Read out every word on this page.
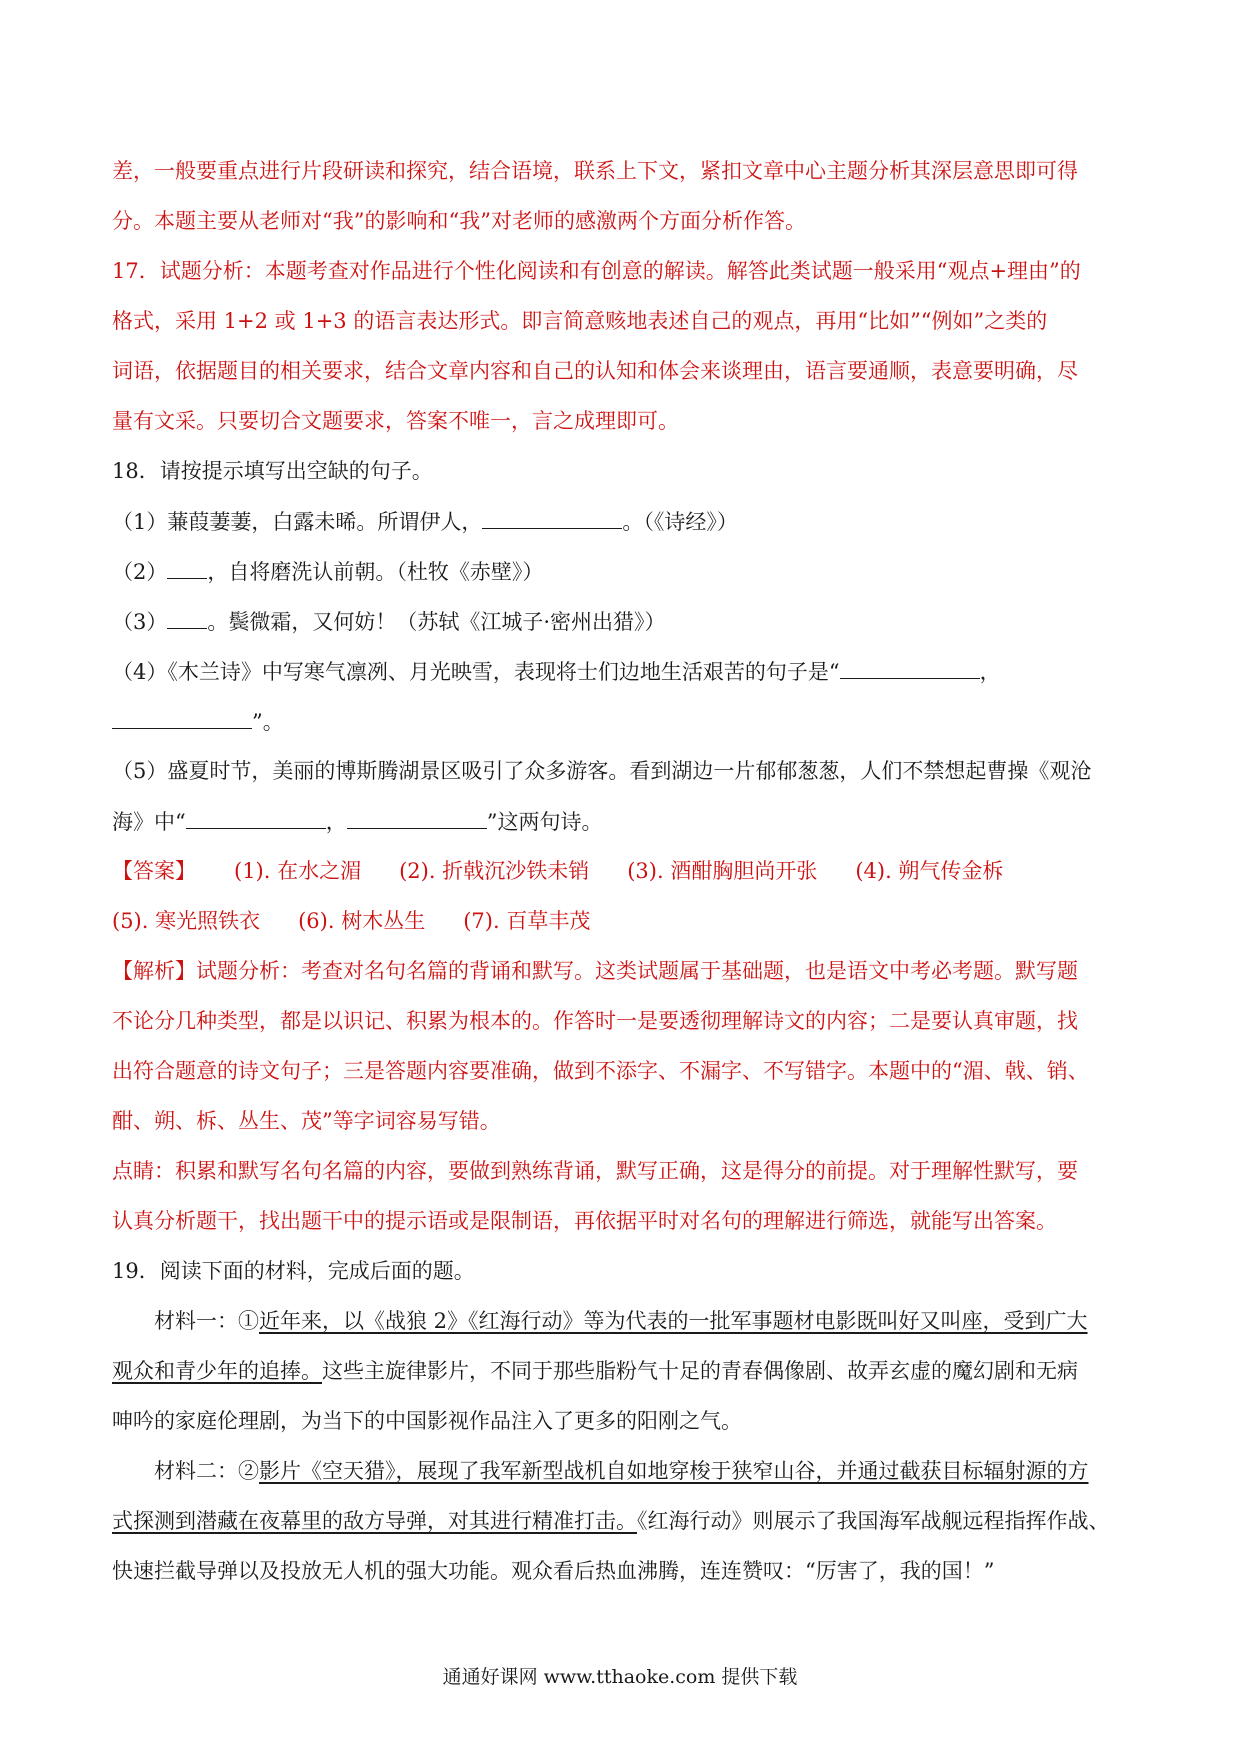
差，一般要重点进行片段研读和探究，结合语境，联系上下文，紧扣文章中心主题分析其深层意思即可得
分。本题主要从老师对“我”的影响和“我”对老师的感激两个方面分析作答。
17．试题分析：本题考查对作品进行个性化阅读和有创意的解读。解答此类试题一般采用“观点+理由”的
格式，采用 1+2 或 1+3 的语言表达形式。即言简意赅地表述自己的观点，再用“比如”“例如”之类的
词语，依据题目的相关要求，结合文章内容和自己的认知和体会来谈理由，语言要通顺，表意要明确，尽
量有文采。只要切合文题要求，答案不唯一，言之成理即可。
18．请按提示填写出空缺的句子。
（1）蒹葭萋萋，白露未晞。所谓伊人，	。（《诗经》）
（2） ，自将磨洗认前朝。（杜牧《赤壁》）
（3） 。鬓微霜，又何妨！（苏轼《江城子·密州出猎》）
（4）《木兰诗》中写寒气凛冽、月光映雪，表现将士们边地生活艰苦的句子是“	，
”。
（5）盛夏时节，美丽的博斯腾湖景区吸引了众多游客。看到湖边一片郁郁葱葱，人们不禁想起曹操《观沧
海》中“	，	”这两句诗。
【答案】 (1). 在水之湄 (2). 折戟沉沙铁未销 (3). 酒酣胸胆尚开张 (4). 朔气传金柝
(5). 寒光照铁衣 (6). 树木丛生 (7). 百草丰茂
【解析】试题分析：考查对名句名篇的背诵和默写。这类试题属于基础题，也是语文中考必考题。默写题
不论分几种类型，都是以识记、积累为根本的。作答时一是要透彻理解诗文的内容；二是要认真审题，找
出符合题意的诗文句子；三是答题内容要准确，做到不添字、不漏字、不写错字。本题中的“湄、戟、销、
酣、朔、柝、丛生、茂”等字词容易写错。
点睛：积累和默写名句名篇的内容，要做到熟练背诵，默写正确，这是得分的前提。对于理解性默写，要
认真分析题干，找出题干中的提示语或是限制语，再依据平时对名句的理解进行筛选，就能写出答案。
19．阅读下面的材料，完成后面的题。
材料一：①近年来，以《战狼 2》《红海行动》等为代表的一批军事题材电影既叫好又叫座，受到广大
观众和青少年的追捧。这些主旋律影片，不同于那些脂粉气十足的青春偶像剧、故弄玄虚的魔幻剧和无病
呻吟的家庭伦理剧，为当下的中国影视作品注入了更多的阳刚之气。
材料二：②影片《空天猎》，展现了我军新型战机自如地穿梭于狭窄山谷，并通过截获目标辐射源的方
式探测到潜藏在夜幕里的敌方导弹，对其进行精准打击。《红海行动》则展示了我国海军战舰远程指挥作战、
快速拦截导弹以及投放无人机的强大功能。观众看后热血沸腾，连连赞叹：“厉害了，我的国！”
通通好课网 www.tthaoke.com 提供下载
